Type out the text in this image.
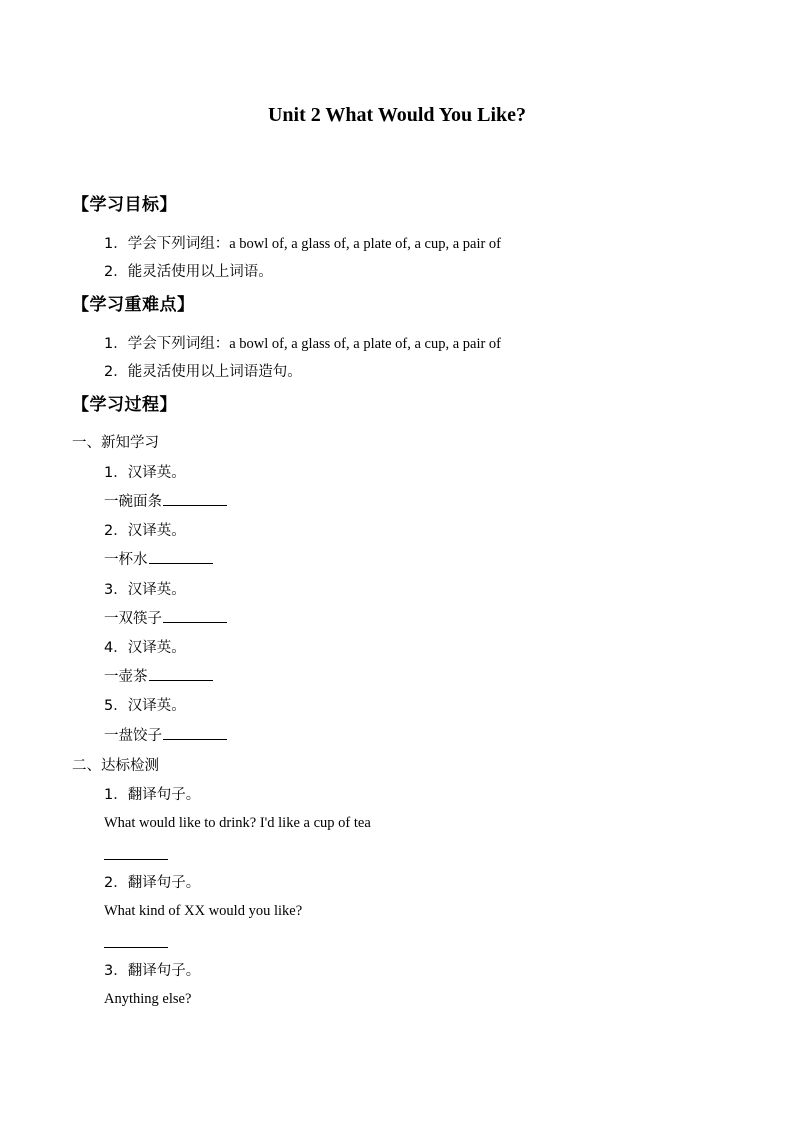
Unit 2 What Would You Like?
【学习目标】
1．学会下列词组：a bowl of, a glass of, a plate of, a cup, a pair of
2．能灵活使用以上词语。
【学习重难点】
1．学会下列词组：a bowl of, a glass of, a plate of, a cup, a pair of
2．能灵活使用以上词语造句。
【学习过程】
一、新知学习
1．汉译英。
一碗面条
2．汉译英。
一杯水
3．汉译英。
一双筷子
4．汉译英。
一壶茶
5．汉译英。
一盘饺子
二、达标检测
1．翻译句子。
What would like to drink? I'd like a cup of tea
2．翻译句子。
What kind of XX would you like?
3．翻译句子。
Anything else?
